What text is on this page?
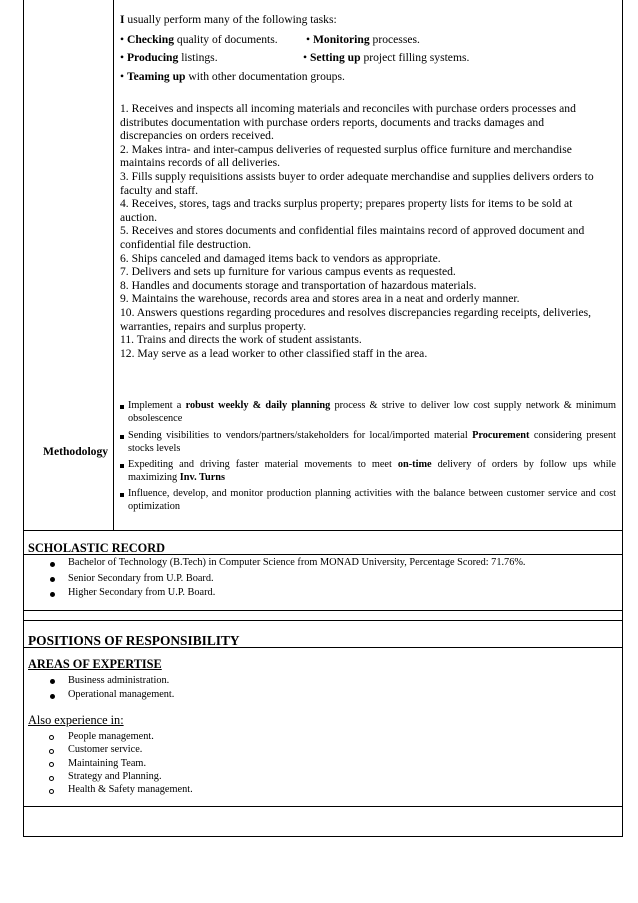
I usually perform many of the following tasks:
• Checking quality of documents. • Monitoring processes.
• Producing listings.	• Setting up project filling systems.
• Teaming up with other documentation groups.
1. Receives and inspects all incoming materials and reconciles with purchase orders processes and
distributes documentation with purchase orders reports, documents and tracks damages and
discrepancies on orders received.
2. Makes intra- and inter-campus deliveries of requested surplus office furniture and merchandise
maintains records of all deliveries.
3. Fills supply requisitions assists buyer to order adequate merchandise and supplies delivers orders to
faculty and staff.
4. Receives, stores, tags and tracks surplus property; prepares property lists for items to be sold at
auction.
5. Receives and stores documents and confidential files maintains record of approved document and
confidential file destruction.
6. Ships canceled and damaged items back to vendors as appropriate.
7. Delivers and sets up furniture for various campus events as requested.
8. Handles and documents storage and transportation of hazardous materials.
9. Maintains the warehouse, records area and stores area in a neat and orderly manner.
10. Answers questions regarding procedures and resolves discrepancies regarding receipts, deliveries,
warranties, repairs and surplus property.
11. Trains and directs the work of student assistants.
12. May serve as a lead worker to other classified staff in the area.
Methodology
Implement a robust weekly & daily planning process & strive to deliver low cost supply network & minimum obsolescence
Sending visibilities to vendors/partners/stakeholders for local/imported material Procurement considering present stocks levels
Expediting and driving faster material movements to meet on-time delivery of orders by follow ups while maximizing Inv. Turns
Influence, develop, and monitor production planning activities with the balance between customer service and cost optimization
SCHOLASTIC RECORD
Bachelor of Technology (B.Tech) in Computer Science from MONAD University, Percentage Scored: 71.76%.
Senior Secondary from U.P. Board.
Higher Secondary from U.P. Board.
POSITIONS OF RESPONSIBILITY
AREAS OF EXPERTISE
Business administration.
Operational management.
Also experience in:
People management.
Customer service.
Maintaining Team.
Strategy and Planning.
Health & Safety management.
